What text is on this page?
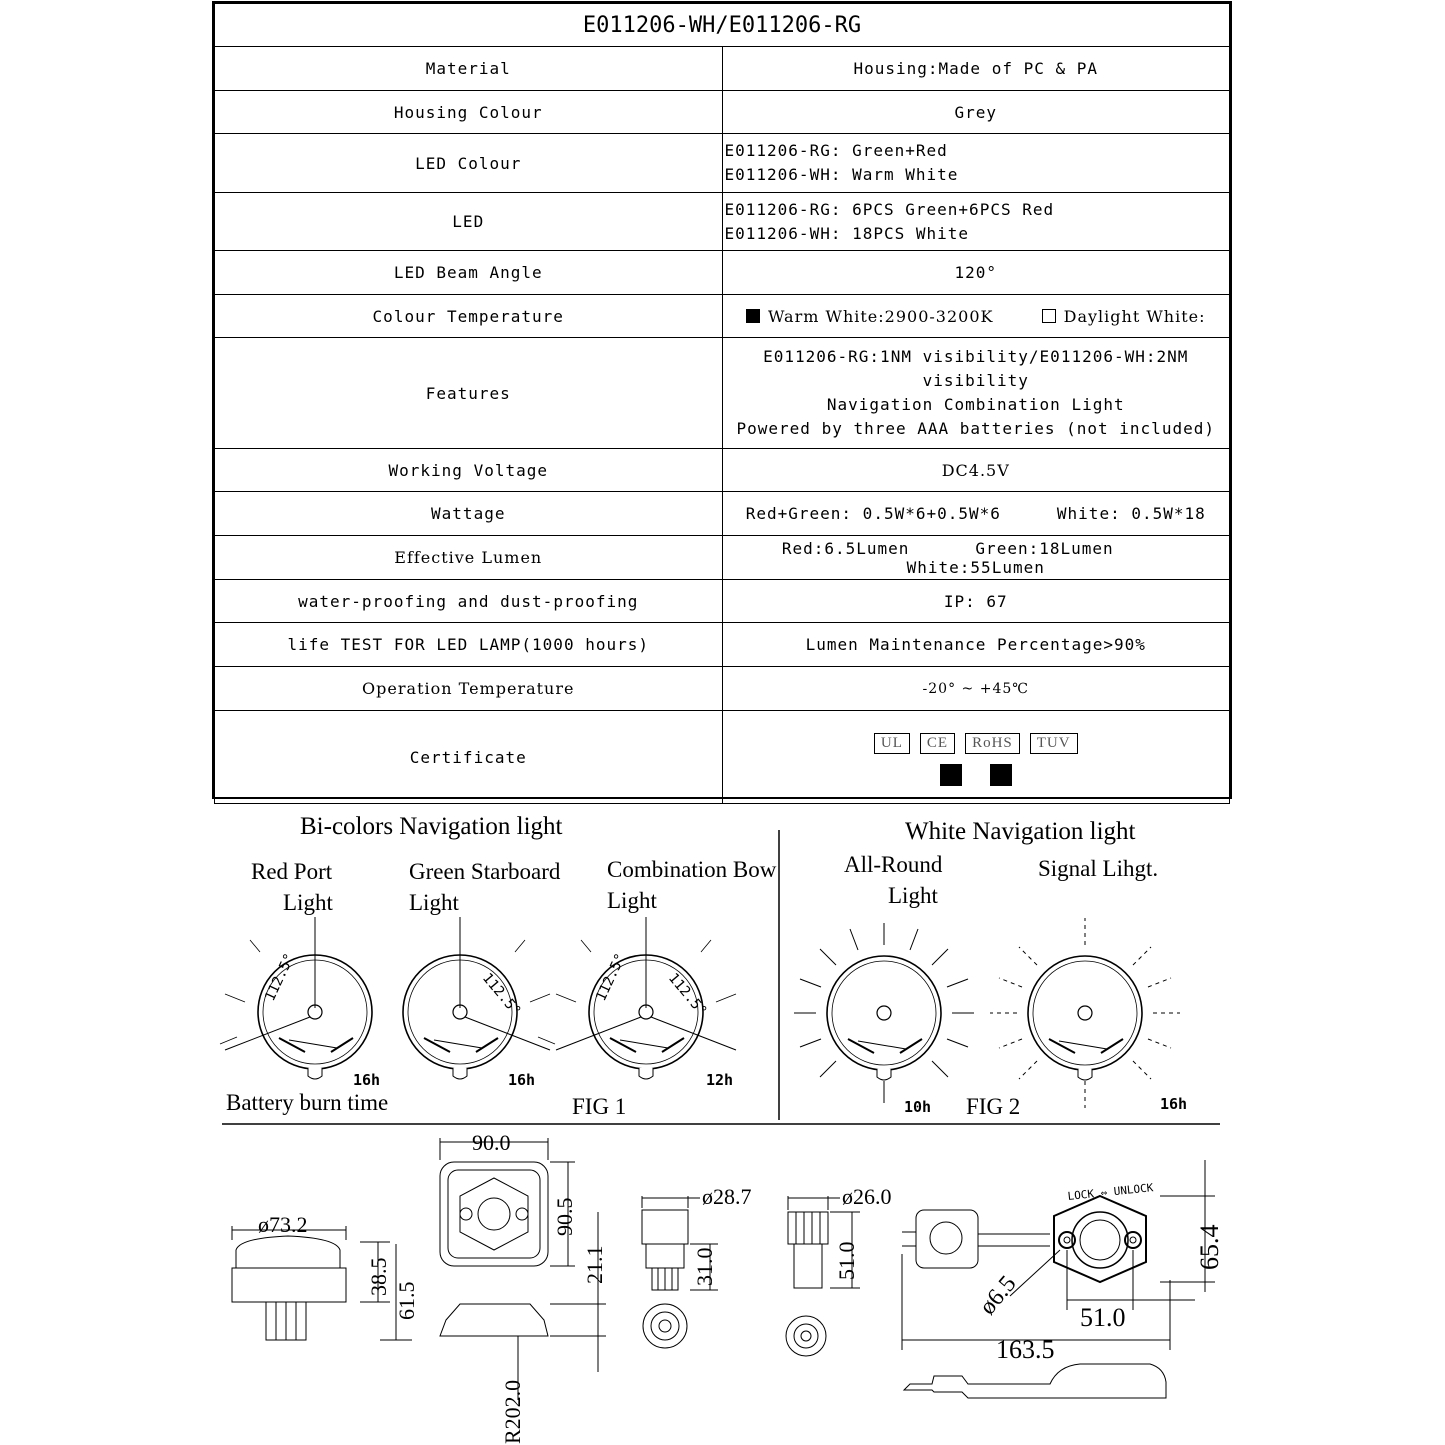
E011206-WH/E011206-RG	
Material	Housing:Made of PC & PA
Housing Colour	Grey
LED Colour	E011206-RG: Green+Red
E011206-WH: Warm White

LED	E011206-RG: 6PCS Green+6PCS Red
E011206-WH: 18PCS White

LED Beam Angle	120°
Colour Temperature	Warm White:2900-3200K Daylight White:
Features	E011206-RG:1NM visibility/E011206-WH:2NM visibility
Navigation Combination Light
Powered by three AAA batteries (not included)

Working Voltage	DC4.5V
Wattage	Red+Green: 0.5W*6+0.5W*6 White: 0.5W*18
Effective Lumen	Red:6.5Lumen Green:18LumenWhite:55Lumen
water-proofing and dust-proofing	IP: 67
life TEST FOR LED LAMP(1000 hours)	Lumen Maintenance Percentage>90%
Operation Temperature	-20° ~ +45℃
Certificate	UL CE RoHS TUV
Bi-colors Navigation light
Red Port
Light
Green Starboard
Light
Combination Bow
Light
112.5°
16h
112.5°
16h
112.5°	112.5°
12h
Battery burn time	FIG 1
White Navigation light
All-Round
Light
Signal Lihgt.
10h	16h
FIG 2
ø73.2
38.5
61.5
90.0
90.5
21.1
R202.0
ø28.7
31.0
ø26.0
51.0
LOCK ⇔ UNLOCK
ø6.5 51.0
163.5
65.4
